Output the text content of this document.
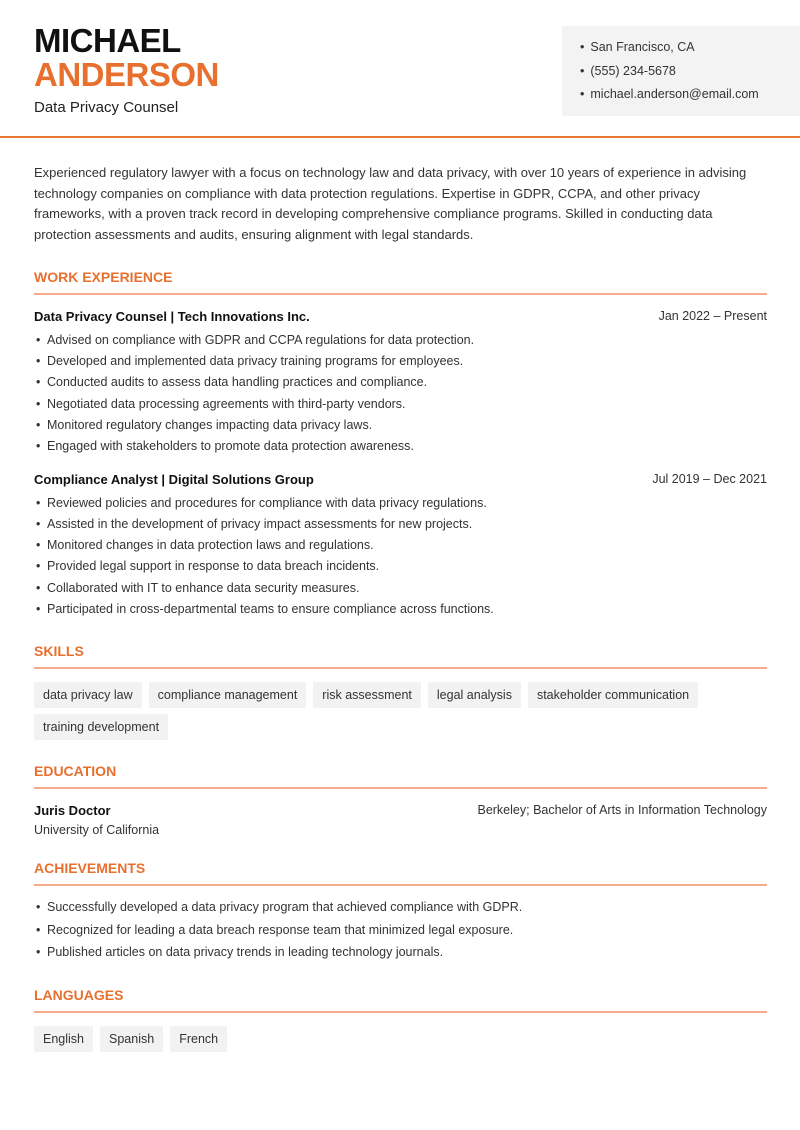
MICHAEL
ANDERSON
Data Privacy Counsel
• San Francisco, CA
• (555) 234-5678
• michael.anderson@email.com

Experienced regulatory lawyer with a focus on technology law and data privacy, with over 10 years of experience in advising technology companies on compliance with data protection regulations. Expertise in GDPR, CCPA, and other privacy frameworks, with a proven track record in developing comprehensive compliance programs. Skilled in conducting data protection assessments and audits, ensuring alignment with legal standards.

WORK EXPERIENCE
Data Privacy Counsel | Tech Innovations Inc.	Jan 2022 – Present
• Advised on compliance with GDPR and CCPA regulations for data protection.
• Developed and implemented data privacy training programs for employees.
• Conducted audits to assess data handling practices and compliance.
• Negotiated data processing agreements with third-party vendors.
• Monitored regulatory changes impacting data privacy laws.
• Engaged with stakeholders to promote data protection awareness.
Compliance Analyst | Digital Solutions Group	Jul 2019 – Dec 2021
• Reviewed policies and procedures for compliance with data privacy regulations.
• Assisted in the development of privacy impact assessments for new projects.
• Monitored changes in data protection laws and regulations.
• Provided legal support in response to data breach incidents.
• Collaborated with IT to enhance data security measures.
• Participated in cross-departmental teams to ensure compliance across functions.
SKILLS
data privacy law	compliance management	risk assessment	legal analysis	stakeholder communication
training development
EDUCATION
Juris Doctor	Berkeley; Bachelor of Arts in Information Technology
University of California
ACHIEVEMENTS
• Successfully developed a data privacy program that achieved compliance with GDPR.
• Recognized for leading a data breach response team that minimized legal exposure.
• Published articles on data privacy trends in leading technology journals.
LANGUAGES
English	Spanish	French
